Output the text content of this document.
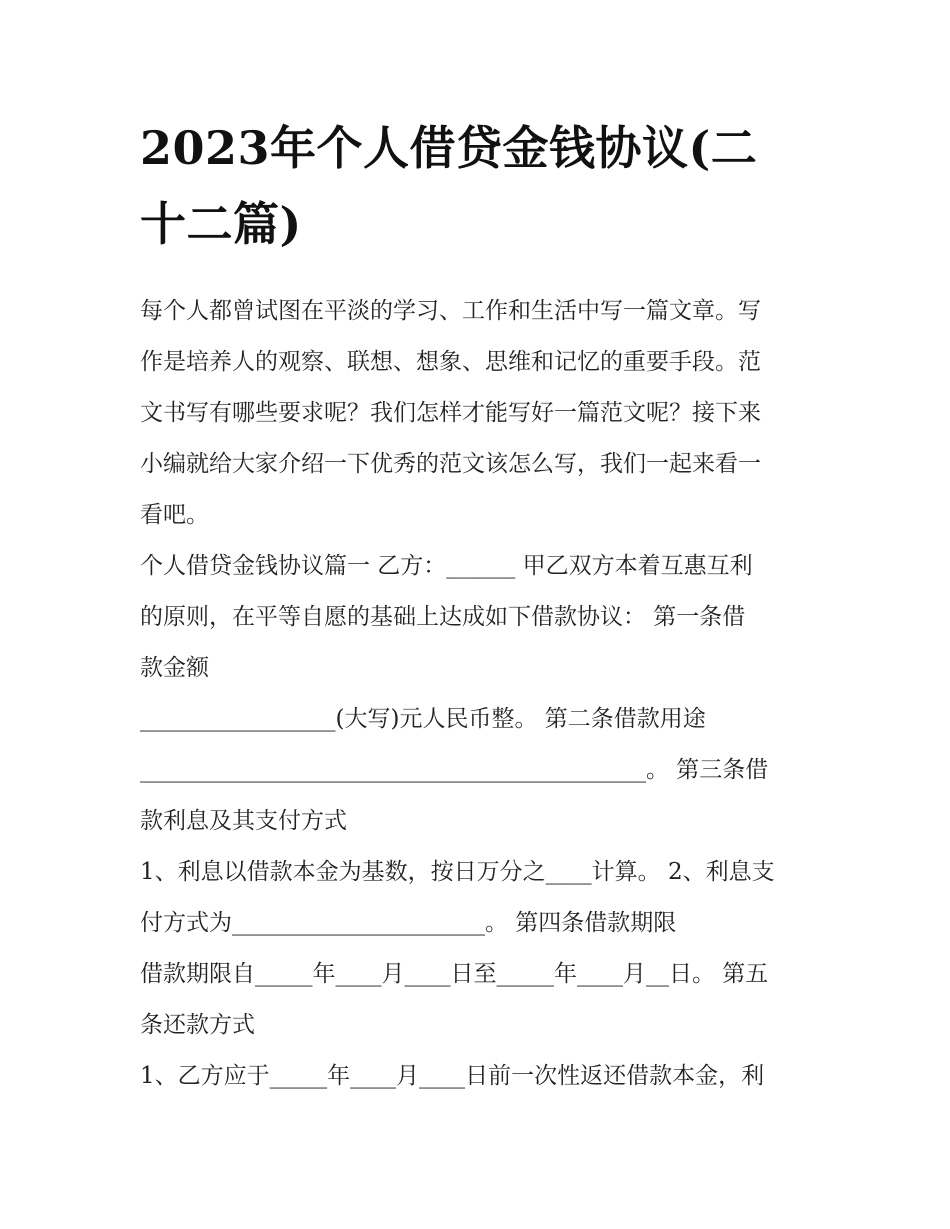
2023年个人借贷金钱协议(二
十二篇)
每个人都曾试图在平淡的学习、工作和生活中写一篇文章。写
作是培养人的观察、联想、想象、思维和记忆的重要手段。范
文书写有哪些要求呢？我们怎样才能写好一篇范文呢？接下来
小编就给大家介绍一下优秀的范文该怎么写，我们一起来看一
看吧。
个人借贷金钱协议篇一 乙方：______ 甲乙双方本着互惠互利
的原则，在平等自愿的基础上达成如下借款协议： 第一条借
款金额
_________________(大写)元人民币整。 第二条借款用途
____________________________________________。 第三条借
款利息及其支付方式
1、利息以借款本金为基数，按日万分之____计算。 2、利息支
付方式为______________________。 第四条借款期限
借款期限自_____年____月____日至_____年____月__日。 第五
条还款方式
1、乙方应于_____年____月____日前一次性返还借款本金，利
